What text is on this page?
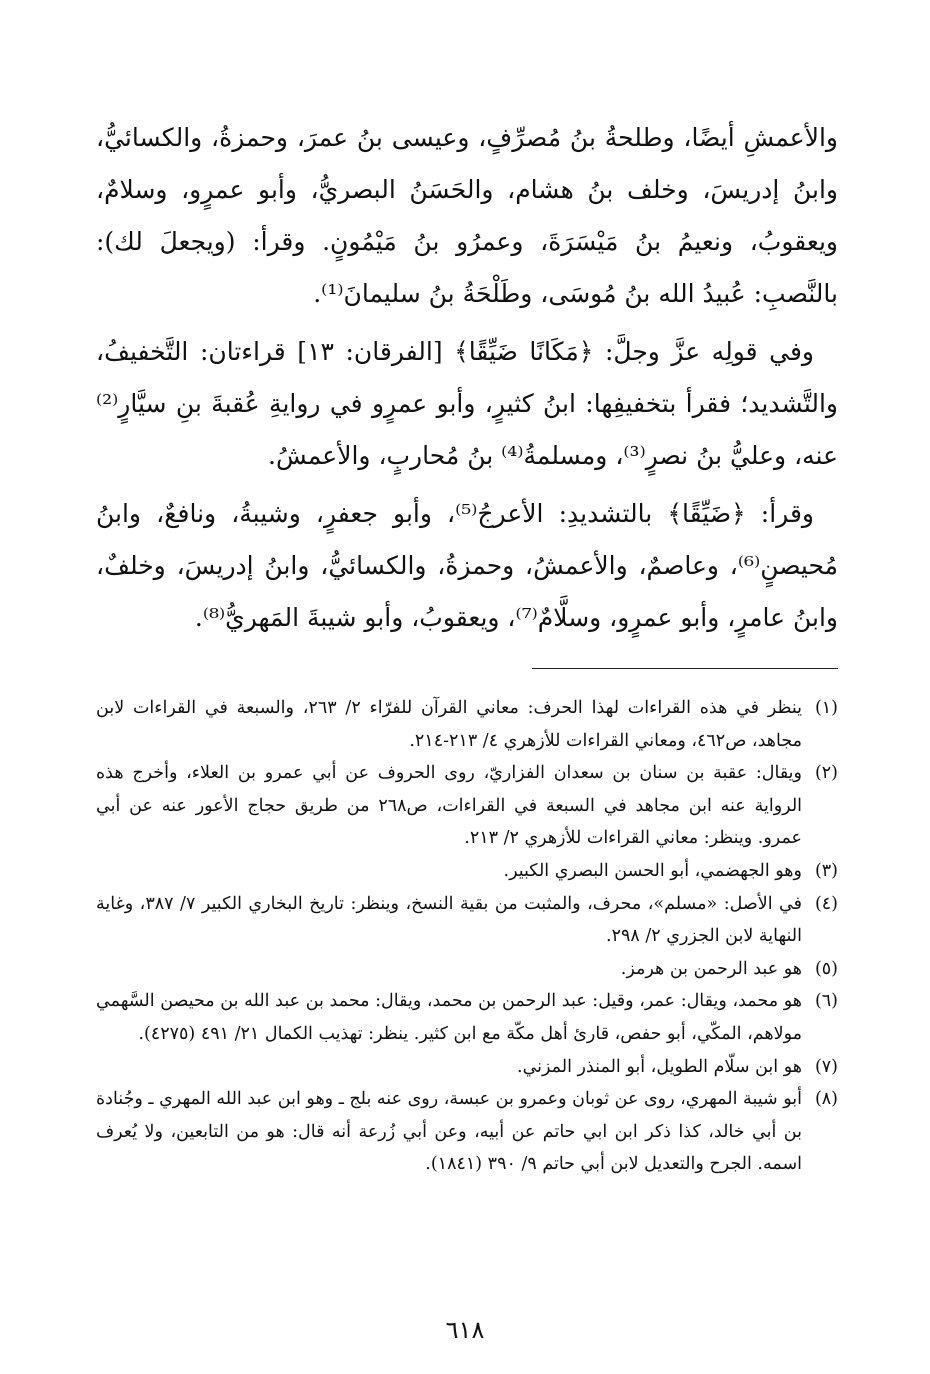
والأعمشِ أيضًا، وطلحةُ بنُ مُصرِّفٍ، وعيسى بنُ عمرَ، وحمزةُ، والكسائيُّ، وابنُ إدريسَ، وخلف بنُ هشام، والحَسَنُ البصريُّ، وأبو عمرٍو، وسلامٌ، ويعقوبُ، ونعيمُ بنُ مَيْسَرَةَ، وعمرُو بنُ مَيْمُونٍ. وقرأ: (ويجعلَ لك): بالنَّصبِ: عُبيدُ الله بنُ مُوسَى، وطَلْحَةُ بنُ سليمانَ⁽¹⁾.

وفي قولِه عزَّ وجلَّ: ﴿مَكَانًا ضَيِّقًا﴾ [الفرقان: ١٣] قراءتان: التَّخفيفُ، والتَّشديد؛ فقرأ بتخفيفِها: ابنُ كثيرٍ، وأبو عمرٍو في روايةِ عُقبةَ بنِ سيَّارٍ⁽²⁾ عنه، وعليُّ بنُ نصرٍ⁽³⁾، ومسلمةُ⁽⁴⁾ بنُ مُحاربٍ، والأعمشُ.

وقرأ: ﴿ضَيِّقًا﴾ بالتشديدِ: الأعرجُ⁽⁵⁾، وأبو جعفرٍ، وشيبةُ، ونافعٌ، وابنُ مُحيصنٍ⁽⁶⁾، وعاصمٌ، والأعمشُ، وحمزةُ، والكسائيُّ، وابنُ إدريسَ، وخلفٌ، وابنُ عامرٍ، وأبو عمرٍو، وسلَّامٌ⁽⁷⁾، ويعقوبُ، وأبو شيبةَ المَهريُّ⁽⁸⁾.

(١)
ينظر في هذه القراءات لهذا الحرف: معاني القرآن للفرّاء ٢/ ٢٦٣، والسبعة في القراءات لابن مجاهد، ص٤٦٢، ومعاني القراءات للأزهري ٤/ ٢١٣-٢١٤.
(٢)
ويقال: عقبة بن سنان بن سعدان الفزاريّ، روى الحروف عن أبي عمرو بن العلاء، وأخرج هذه الرواية عنه ابن مجاهد في السبعة في القراءات، ص٢٦٨ من طريق حجاج الأعور عنه عن أبي عمرو. وينظر: معاني القراءات للأزهري ٢/ ٢١٣.
(٣)
وهو الجهضمي، أبو الحسن البصري الكبير.
(٤)
في الأصل: «مسلم»، محرف، والمثبت من بقية النسخ، وينظر: تاريخ البخاري الكبير ٧/ ٣٨٧، وغاية النهاية لابن الجزري ٢/ ٢٩٨.
(٥)
هو عبد الرحمن بن هرمز.
(٦)
هو محمد، ويقال: عمر، وقيل: عبد الرحمن بن محمد، ويقال: محمد بن عبد الله بن محيصن السَّهمي مولاهم، المكّي، أبو حفص، قارئ أهل مكّة مع ابن كثير. ينظر: تهذيب الكمال ٢١/ ٤٩١ (٤٢٧٥).
(٧)
هو ابن سلّام الطويل، أبو المنذر المزني.
(٨)
أبو شيبة المهري، روى عن ثوبان وعمرو بن عبسة، روى عنه بلج ـ وهو ابن عبد الله المهري ـ وجُنادة بن أبي خالد، كذا ذكر ابن ابي حاتم عن أبيه، وعن أبي زُرعة أنه قال: هو من التابعين، ولا يُعرف اسمه. الجرح والتعديل لابن أبي حاتم ٩/ ٣٩٠ (١٨٤١).
٦١٨
